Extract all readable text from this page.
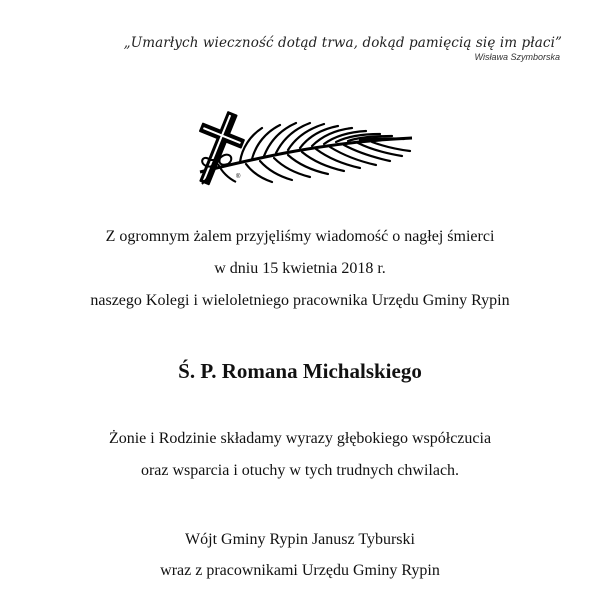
„Umarłych wieczność dotąd trwa, dokąd pamięcią się im płaci”
Wisława Szymborska
®
Z ogromnym żalem przyjęliśmy wiadomość o nagłej śmierci
w dniu 15 kwietnia 2018 r.
naszego Kolegi i wieloletniego pracownika Urzędu Gminy Rypin
Ś. P. Romana Michalskiego
Żonie i Rodzinie składamy wyrazy głębokiego współczucia
oraz wsparcia i otuchy w tych trudnych chwilach.
Wójt Gminy Rypin Janusz Tyburski
wraz z pracownikami Urzędu Gminy Rypin
